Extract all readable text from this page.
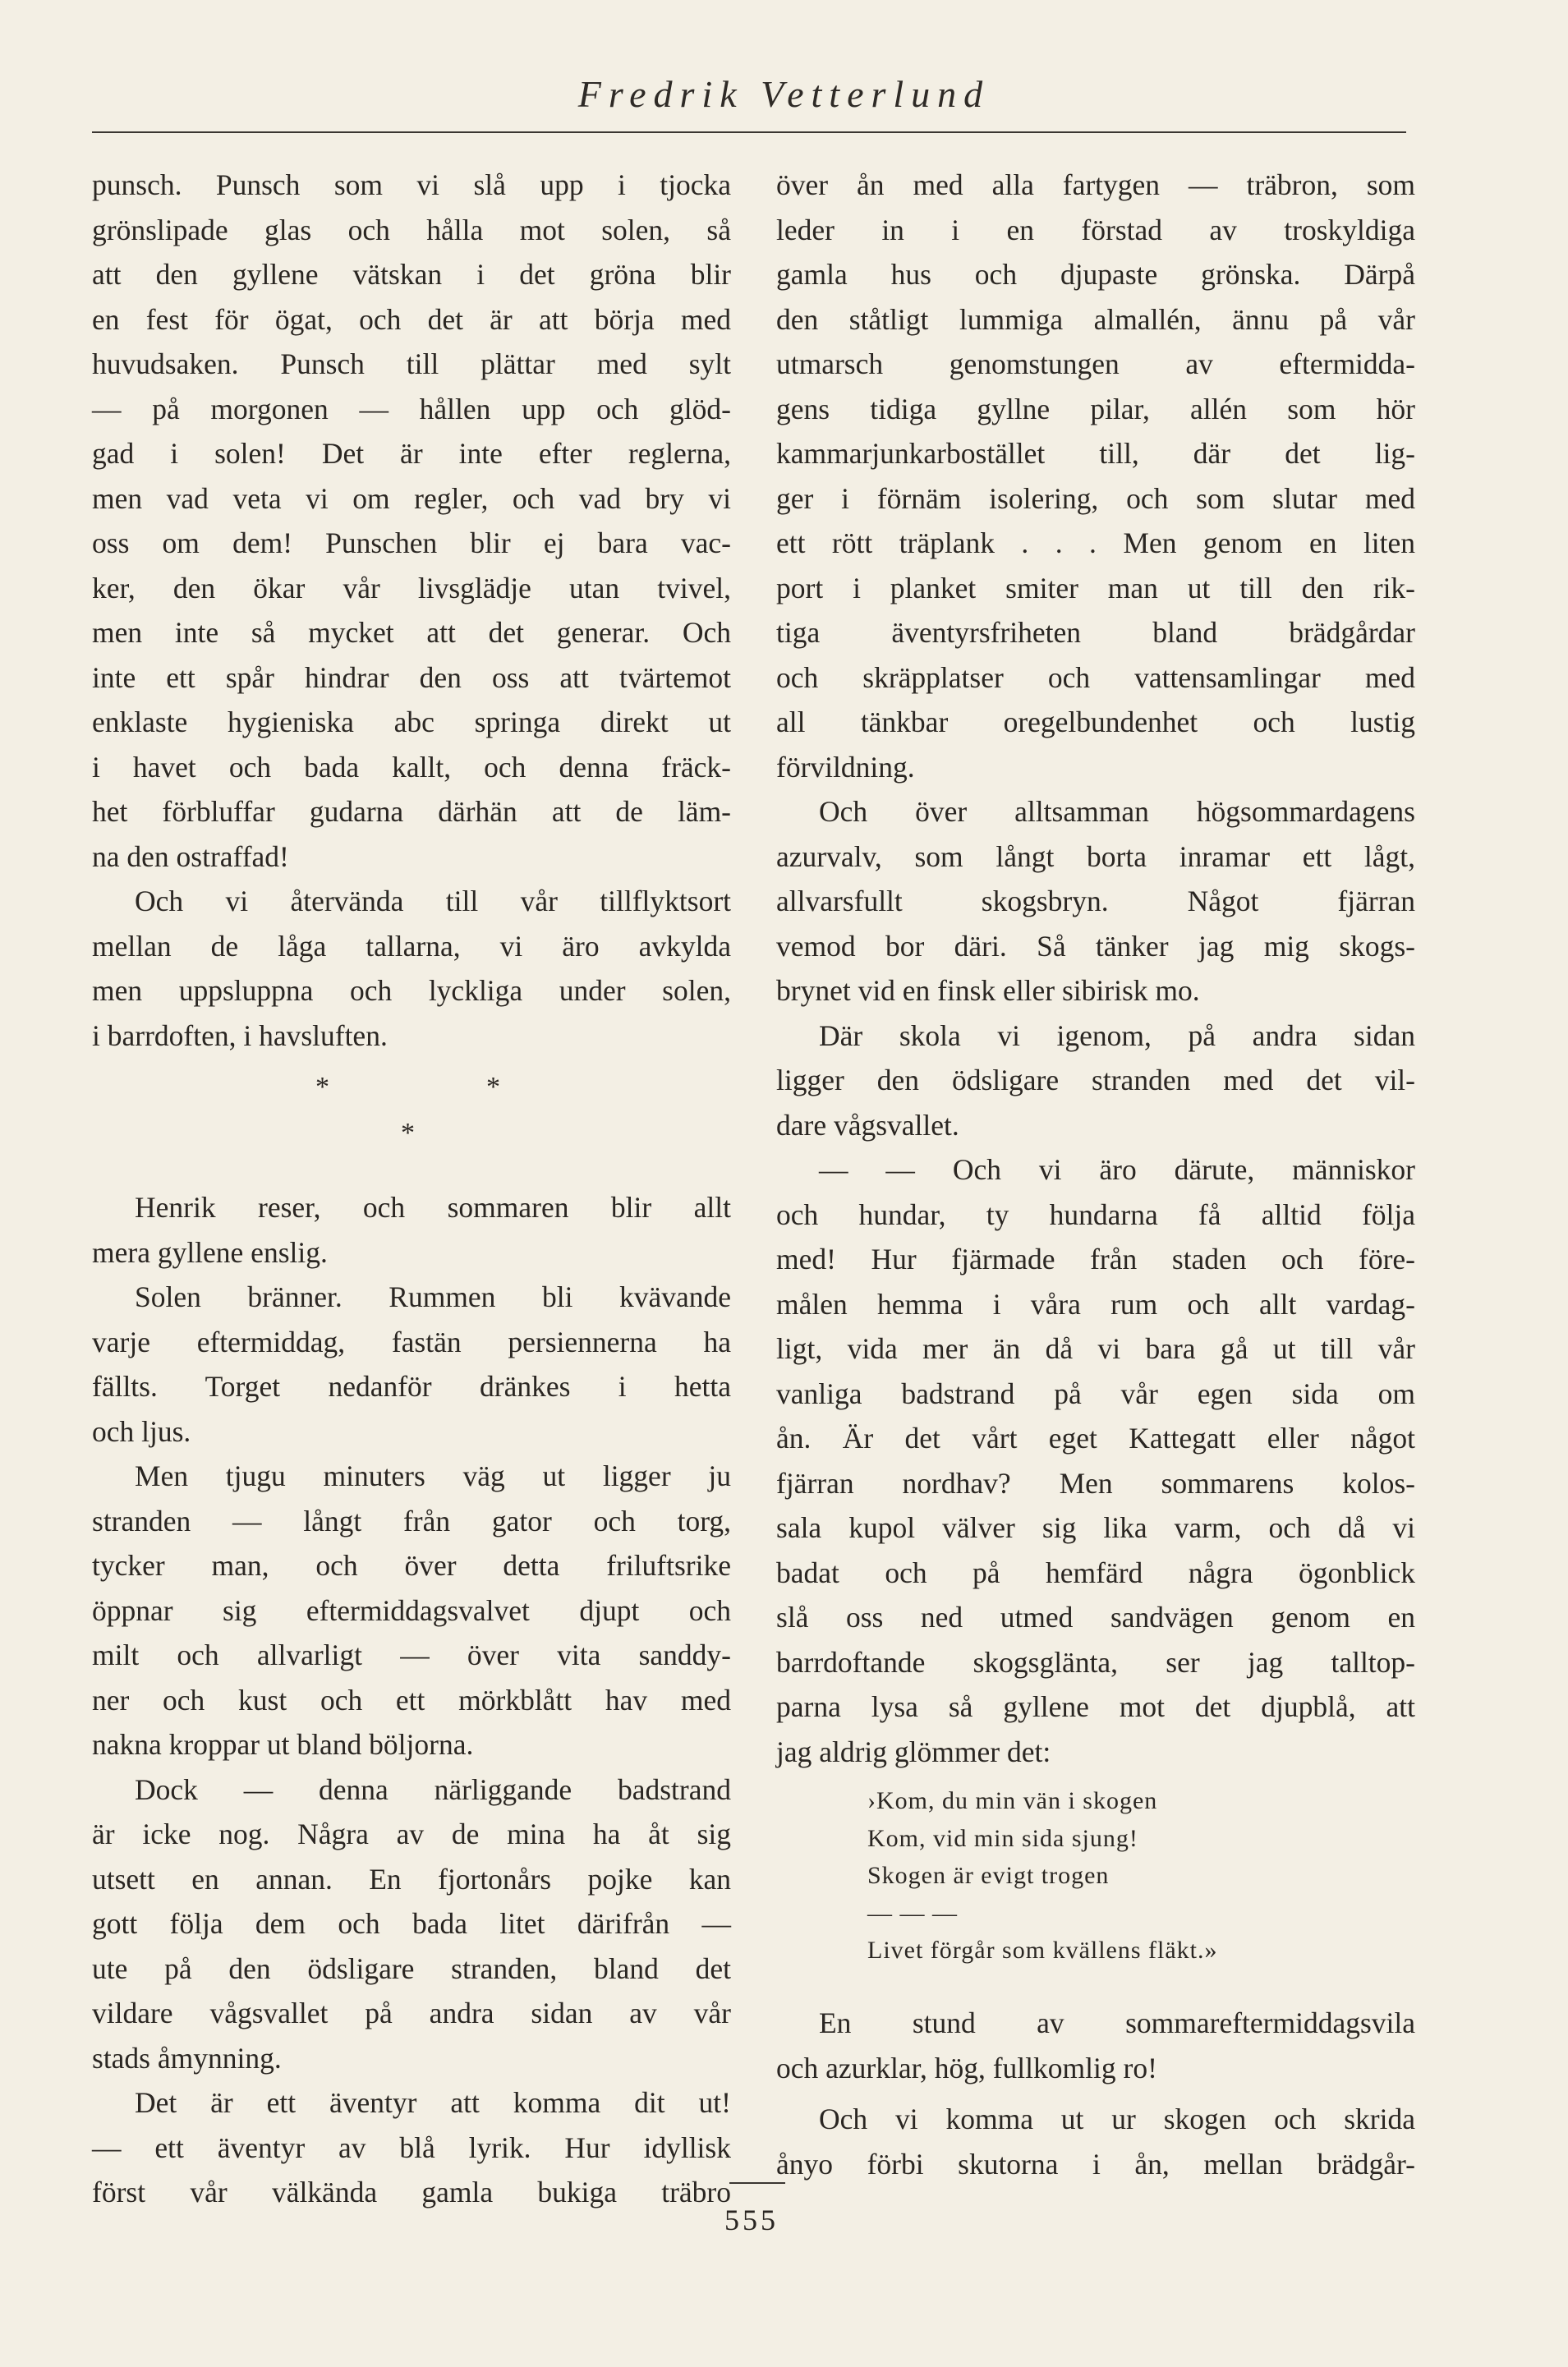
Fredrik Vetterlund
punsch. Punsch som vi slå upp i tjocka
grönslipade glas och hålla mot solen, så
att den gyllene vätskan i det gröna blir
en fest för ögat, och det är att börja med
huvudsaken. Punsch till plättar med sylt
— på morgonen — hållen upp och glöd-
gad i solen! Det är inte efter reglerna,
men vad veta vi om regler, och vad bry vi
oss om dem! Punschen blir ej bara vac-
ker, den ökar vår livsglädje utan tvivel,
men inte så mycket att det generar. Och
inte ett spår hindrar den oss att tvärtemot
enklaste hygieniska abc springa direkt ut
i havet och bada kallt, och denna fräck-
het förbluffar gudarna därhän att de läm-
na den ostraffad!
Och vi återvända till vår tillflyktsort
mellan de låga tallarna, vi äro avkylda
men uppsluppna och lyckliga under solen,
i barrdoften, i havsluften.
*	*
*
Henrik reser, och sommaren blir allt
mera gyllene enslig.
Solen bränner. Rummen bli kvävande
varje eftermiddag, fastän persiennerna ha
fällts. Torget nedanför dränkes i hetta
och ljus.
Men tjugu minuters väg ut ligger ju
stranden — långt från gator och torg,
tycker man, och över detta friluftsrike
öppnar sig eftermiddagsvalvet djupt och
milt och allvarligt — över vita sanddy-
ner och kust och ett mörkblått hav med
nakna kroppar ut bland böljorna.
Dock — denna närliggande badstrand
är icke nog. Några av de mina ha åt sig
utsett en annan. En fjortonårs pojke kan
gott följa dem och bada litet därifrån —
ute på den ödsligare stranden, bland det
vildare vågsvallet på andra sidan av vår
stads åmynning.
Det är ett äventyr att komma dit ut!
— ett äventyr av blå lyrik. Hur idyllisk
först vår välkända gamla bukiga träbro
över ån med alla fartygen — träbron, som
leder in i en förstad av troskyldiga
gamla hus och djupaste grönska. Därpå
den ståtligt lummiga almallén, ännu på vår
utmarsch genomstungen av eftermidda-
gens tidiga gyllne pilar, allén som hör
kammarjunkarbostället till, där det lig-
ger i förnäm isolering, och som slutar med
ett rött träplank . . . Men genom en liten
port i planket smiter man ut till den rik-
tiga äventyrsfriheten bland brädgårdar
och skräpplatser och vattensamlingar med
all tänkbar oregelbundenhet och lustig
förvildning.
Och över alltsamman högsommardagens
azurvalv, som långt borta inramar ett lågt,
allvarsfullt skogsbryn. Något fjärran
vemod bor däri. Så tänker jag mig skogs-
brynet vid en finsk eller sibirisk mo.
Där skola vi igenom, på andra sidan
ligger den ödsligare stranden med det vil-
dare vågsvallet.
— — Och vi äro därute, människor
och hundar, ty hundarna få alltid följa
med! Hur fjärmade från staden och före-
målen hemma i våra rum och allt vardag-
ligt, vida mer än då vi bara gå ut till vår
vanliga badstrand på vår egen sida om
ån. Är det vårt eget Kattegatt eller något
fjärran nordhav? Men sommarens kolos-
sala kupol välver sig lika varm, och då vi
badat och på hemfärd några ögonblick
slå oss ned utmed sandvägen genom en
barrdoftande skogsglänta, ser jag talltop-
parna lysa så gyllene mot det djupblå, att
jag aldrig glömmer det:
›Kom, du min vän i skogen
Kom, vid min sida sjung!
Skogen är evigt trogen
— — —
Livet förgår som kvällens fläkt.»
En stund av sommareftermiddagsvila
och azurklar, hög, fullkomlig ro!
Och vi komma ut ur skogen och skrida
ånyo förbi skutorna i ån, mellan brädgår-
555
